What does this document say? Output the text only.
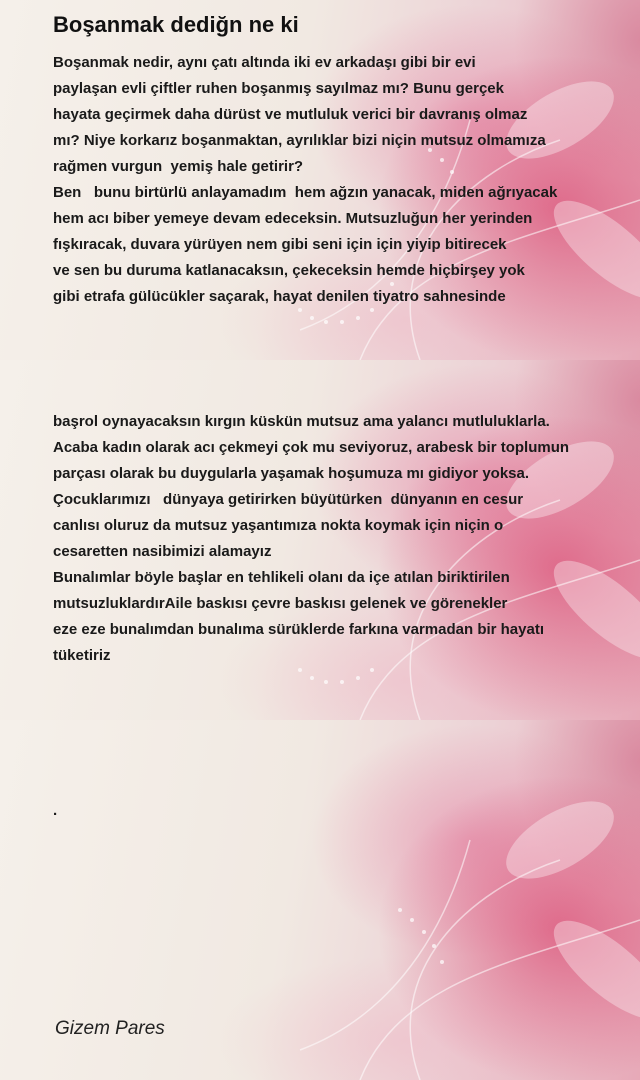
Boşanmak dediğn ne ki
Boşanmak nedir, aynı çatı altında iki ev arkadaşı gibi bir evi
paylaşan evli çiftler ruhen boşanmış sayılmaz mı? Bunu gerçek
hayata geçirmek daha dürüst ve mutluluk verici bir davranış olmaz
mı? Niye korkarız boşanmaktan, ayrılıklar bizi niçin mutsuz olmamıza
rağmen vurgun  yemiş hale getirir?
Ben   bunu birtürlü anlayamadım  hem ağzın yanacak, miden ağrıyacak
hem acı biber yemeye devam edeceksin. Mutsuzluğun her yerinden
fışkıracak, duvara yürüyen nem gibi seni için için yiyip bitirecek
ve sen bu duruma katlanacaksın, çekeceksin hemde hiçbirşey yok
gibi etrafa gülücükler saçarak, hayat denilen tiyatro sahnesinde
başrol oynayacaksın kırgın küskün mutsuz ama yalancı mutluluklarla.
Acaba kadın olarak acı çekmeyi çok mu seviyoruz, arabesk bir toplumun
parçası olarak bu duygularla yaşamak hoşumuza mı gidiyor yoksa.
Çocuklarımızı   dünyaya getirirken büyütürken  dünyanın en cesur
canlısı oluruz da mutsuz yaşantımıza nokta koymak için niçin o
cesaretten nasibimizi alamayız
Bunalımlar böyle başlar en tehlikeli olanı da içe atılan biriktirilen
mutsuzluklardırAile baskısı çevre baskısı gelenek ve görenekler
eze eze bunalımdan bunalıma sürüklerde farkına varmadan bir hayatı
tüketiriz
.
Gizem Pares
